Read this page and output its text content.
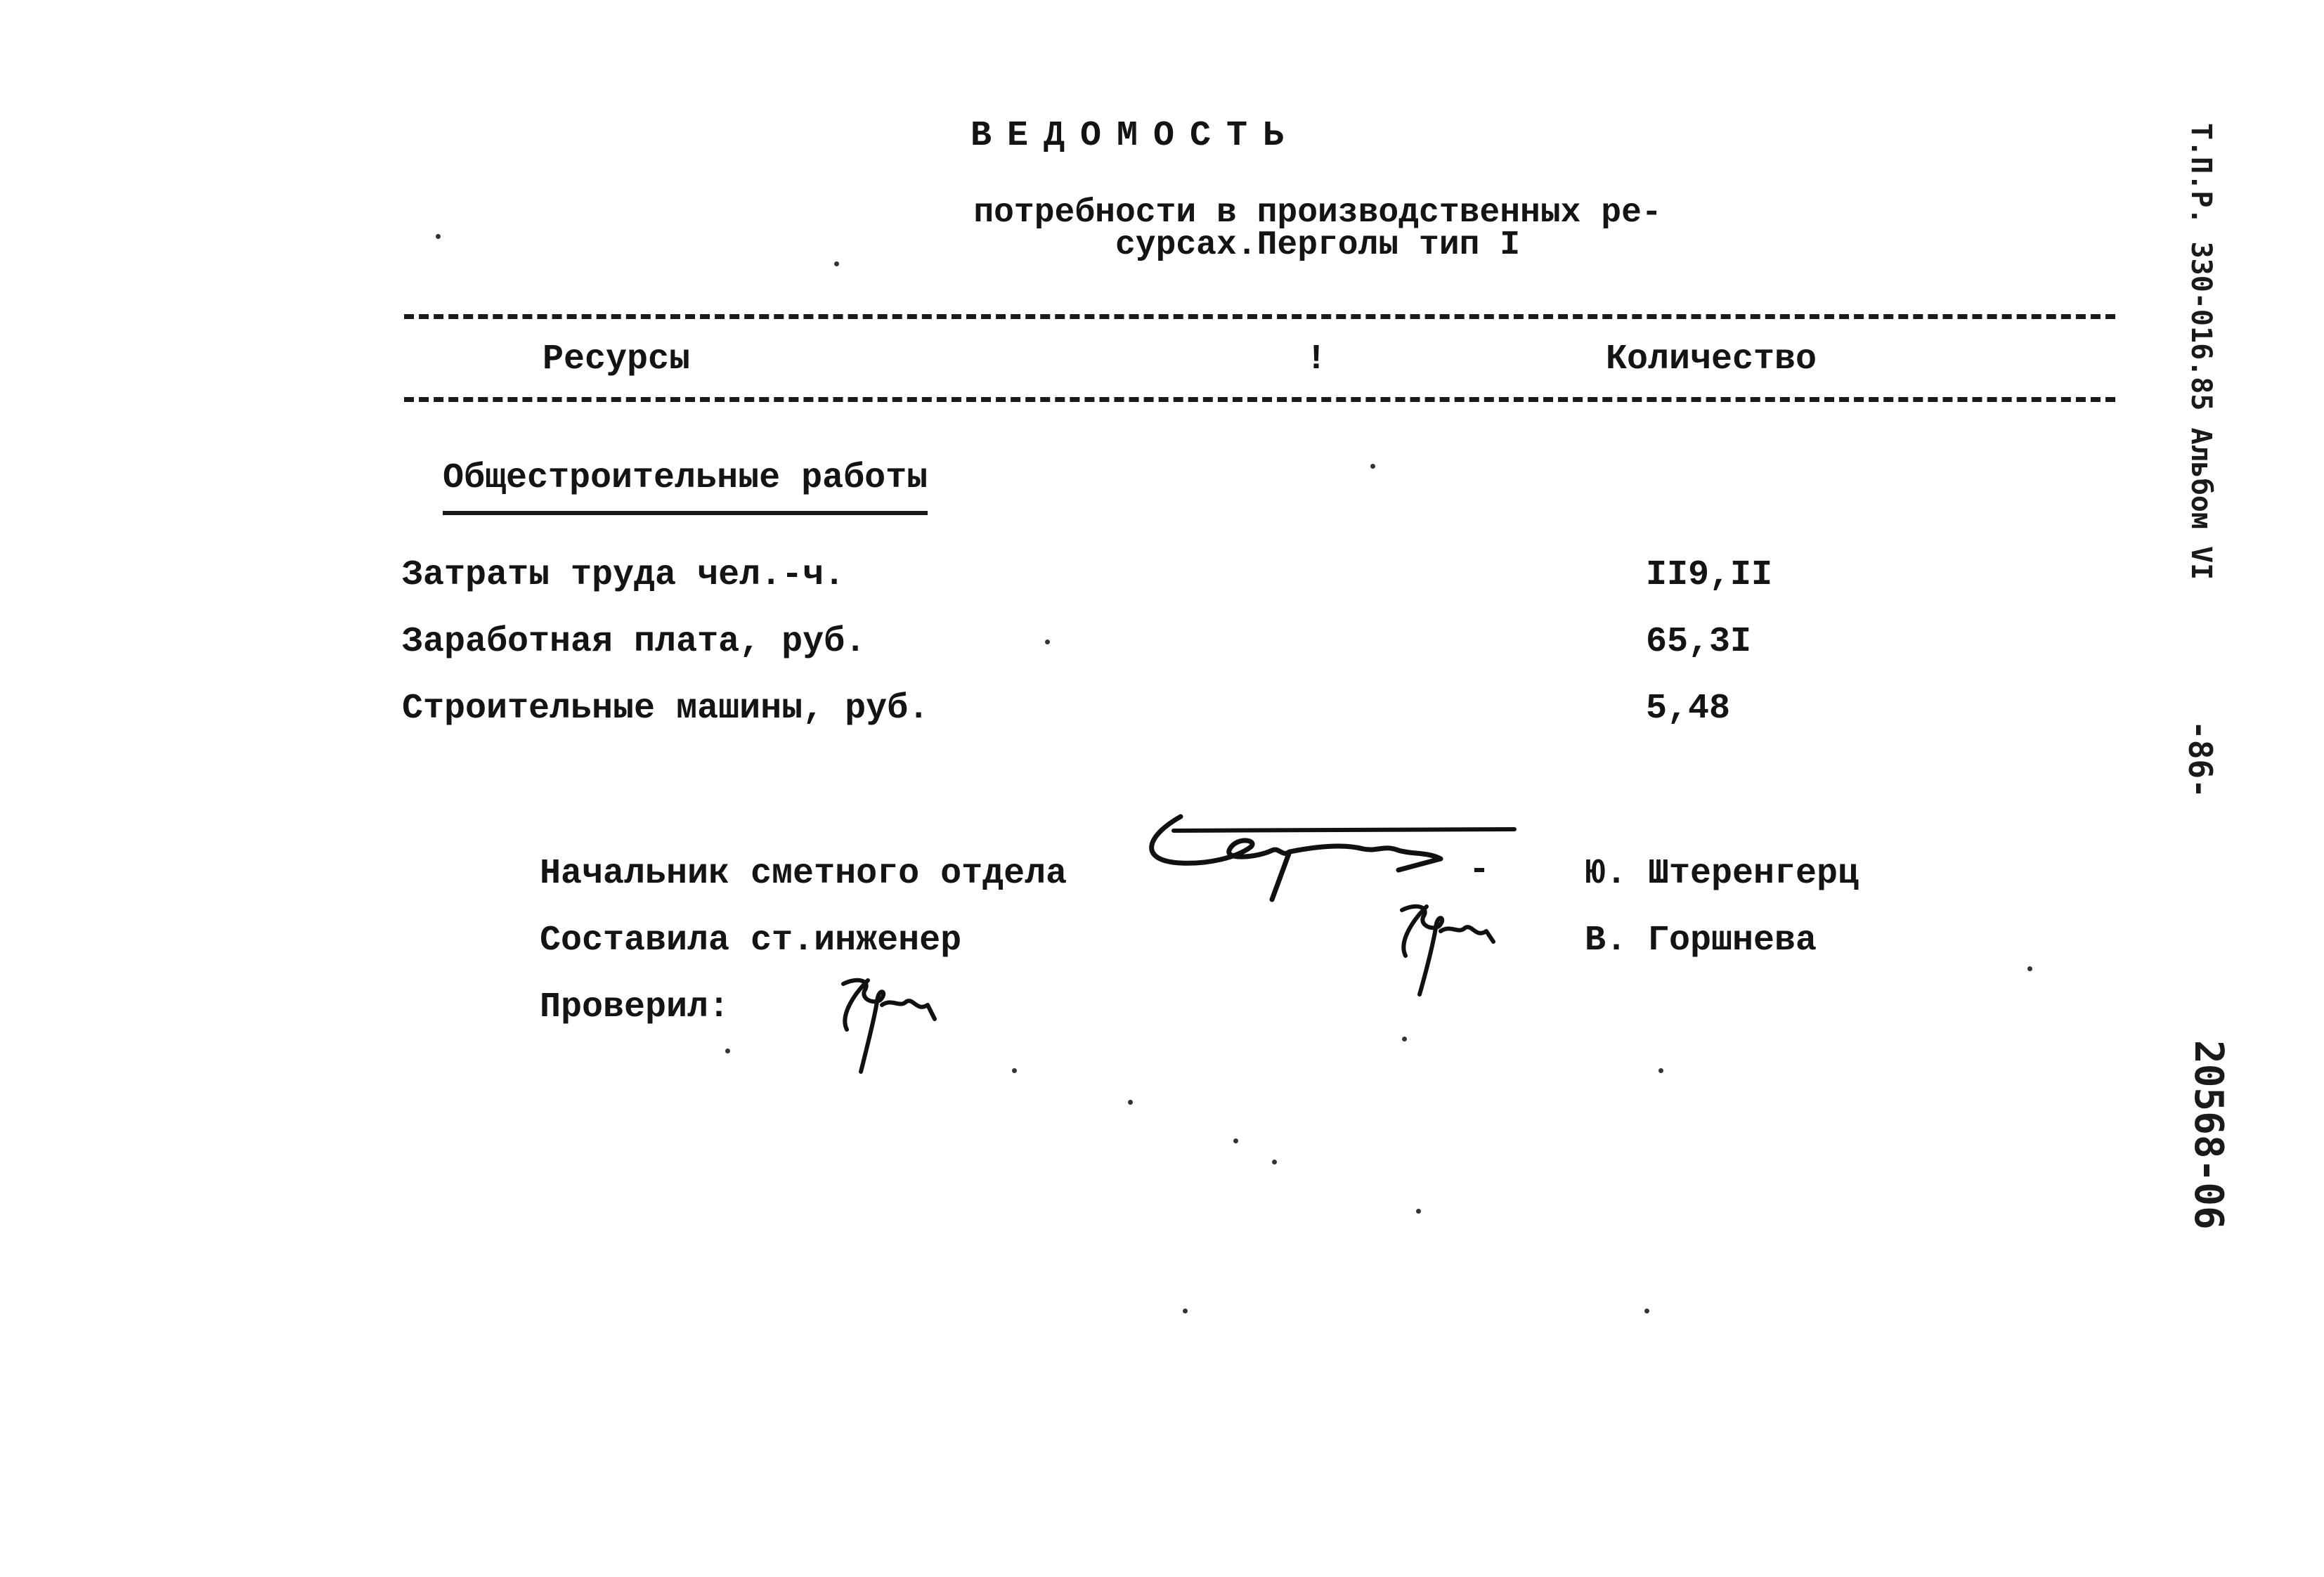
ВЕДОМОСТЬ
потребности в производственных ре-сурсах.Перголы тип I
Ресурсы	!	Количество
Общестроительные работы
Затраты труда чел.-ч.	II9,II
Заработная плата, руб.	65,3I
Строительные машины, руб.	5,48
Начальник сметного отдела	-	Ю. Штеренгерц
Составила ст.инженер	В. Горшнева
Проверил:
Т.П.Р. 330-016.85 Альбом VI
-86-
20568-06
